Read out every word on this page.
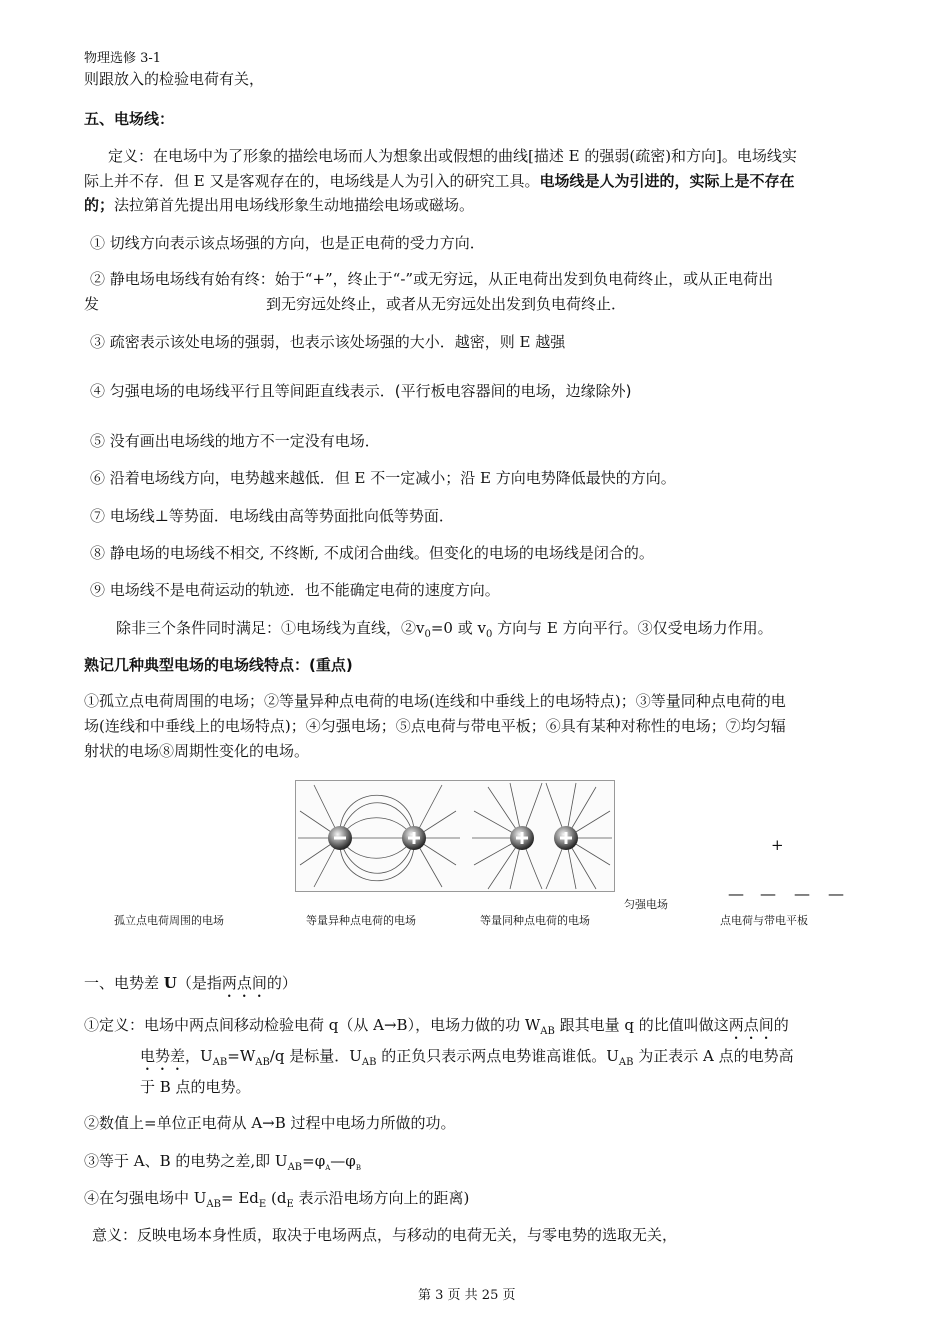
物理选修 3-1
则跟放入的检验电荷有关，
五、电场线：
定义：在电场中为了形象的描绘电场而人为想象出或假想的曲线[描述 E 的强弱(疏密)和方向]。电场线实
际上并不存．但 E 又是客观存在的，电场线是人为引入的研究工具。电场线是人为引进的，实际上是不存在
的；法拉第首先提出用电场线形象生动地描绘电场或磁场。
① 切线方向表示该点场强的方向，也是正电荷的受力方向．
② 静电场电场线有始有终：始于“+”，终止于“-”或无穷远，从正电荷出发到负电荷终止，或从正电荷出
发	到无穷远处终止，或者从无穷远处出发到负电荷终止．
③ 疏密表示该处电场的强弱，也表示该处场强的大小．越密，则 E 越强
④ 匀强电场的电场线平行且等间距直线表示．(平行板电容器间的电场，边缘除外)
⑤ 没有画出电场线的地方不一定没有电场．
⑥ 沿着电场线方向，电势越来越低．但 E 不一定减小；沿 E 方向电势降低最快的方向。
⑦ 电场线⊥等势面．电场线由高等势面批向低等势面．
⑧ 静电场的电场线不相交, 不终断, 不成闭合曲线。但变化的电场的电场线是闭合的。
⑨ 电场线不是电荷运动的轨迹．也不能确定电荷的速度方向。
除非三个条件同时满足：①电场线为直线，$②v_0=0$ 或 $v_0$ 方向与 E 方向平行。③仅受电场力作用。
熟记几种典型电场的电场线特点：(重点)
①孤立点电荷周围的电场；②等量异种点电荷的电场(连线和中垂线上的电场特点)；③等量同种点电荷的电
场(连线和中垂线上的电场特点)；④匀强电场；⑤点电荷与带电平板；⑥具有某种对称性的电场；⑦均匀辐
射状的电场⑧周期性变化的电场。
+
— — — —
孤立点电荷周围的电场	等量异种点电荷的电场	等量同种点电荷的电场
匀强电场
点电荷与带电平板
一、电势差 U（是指两点间的）
①定义：电场中两点间移动检验电荷 q（从 A→B），电场力做的功 $W_{AB}$ 跟其电量 q 的比值叫做这两点间的
电势差，$U_{AB}=W_{AB}/q$ 是标量．$U_{AB}$ 的正负只表示两点电势谁高谁低。$U_{AB}$ 为正表示 A 点的电势高
于 B 点的电势。
②数值上=单位正电荷从 A→B 过程中电场力所做的功。
③等于 A、B 的电势之差,即 $U_{AB}=\varphi_A—\varphi_B$
④在匀强电场中 $U_{AB}= Ed_E$ ($d_E$ 表示沿电场方向上的距离)
意义：反映电场本身性质，取决于电场两点，与移动的电荷无关，与零电势的选取无关，
第 3 页 共 25 页
